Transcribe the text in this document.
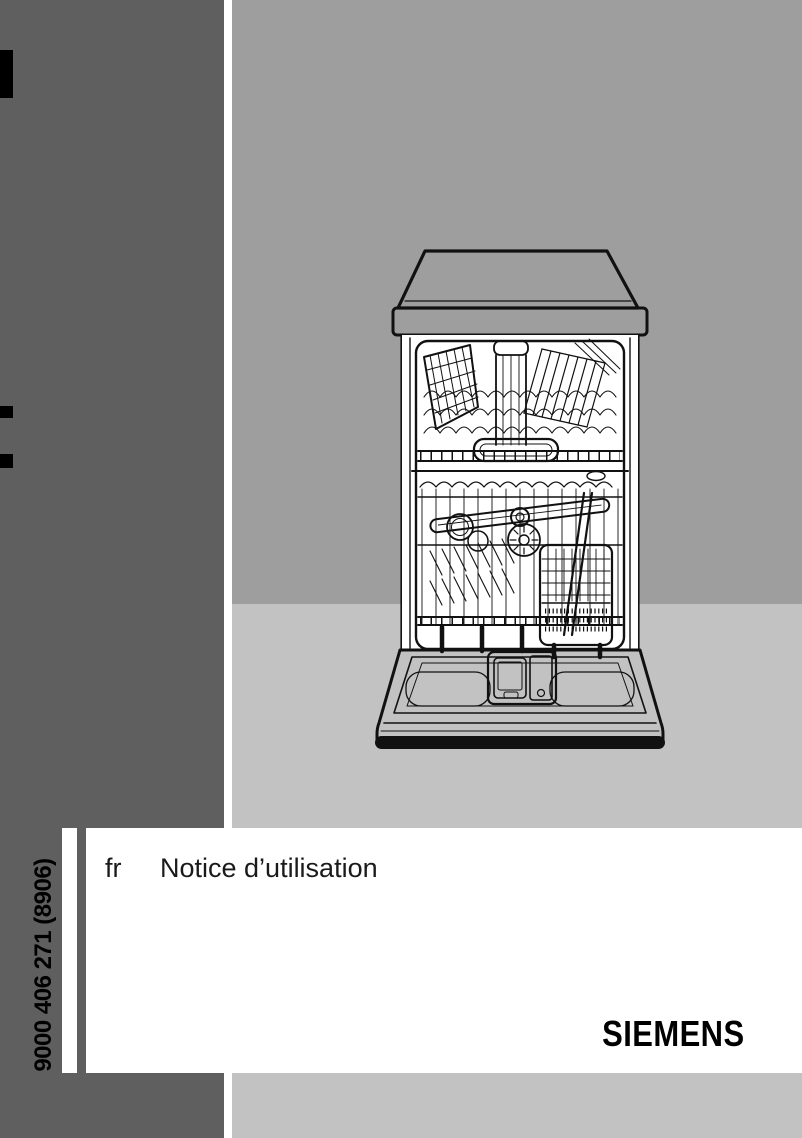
fr Notice d’utilisation
9000 406 271 (8906)	SIEMENS
